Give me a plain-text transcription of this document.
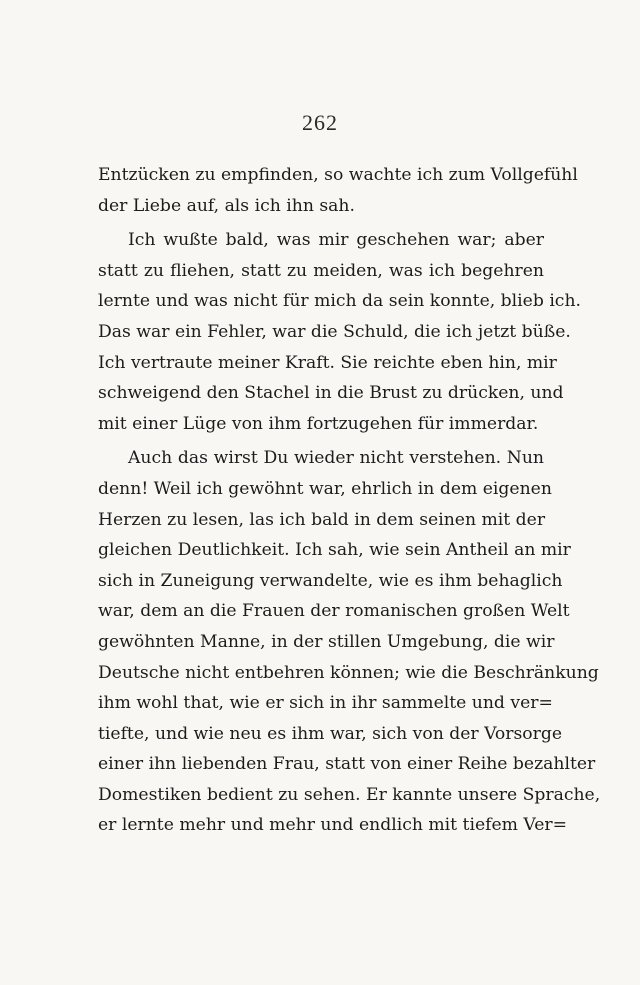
262
Entzücken zu empfinden, so wachte ich zum Vollgefühl
der Liebe auf, als ich ihn sah.
Ich wußte bald, was mir geschehen war; aber
statt zu fliehen, statt zu meiden, was ich begehren
lernte und was nicht für mich da sein konnte, blieb ich.
Das war ein Fehler, war die Schuld, die ich jetzt büße.
Ich vertraute meiner Kraft. Sie reichte eben hin, mir
schweigend den Stachel in die Brust zu drücken, und
mit einer Lüge von ihm fortzugehen für immerdar.
Auch das wirst Du wieder nicht verstehen. Nun
denn! Weil ich gewöhnt war, ehrlich in dem eigenen
Herzen zu lesen, las ich bald in dem seinen mit der
gleichen Deutlichkeit. Ich sah, wie sein Antheil an mir
sich in Zuneigung verwandelte, wie es ihm behaglich
war, dem an die Frauen der romanischen großen Welt
gewöhnten Manne, in der stillen Umgebung, die wir
Deutsche nicht entbehren können; wie die Beschränkung
ihm wohl that, wie er sich in ihr sammelte und ver=
tiefte, und wie neu es ihm war, sich von der Vorsorge
einer ihn liebenden Frau, statt von einer Reihe bezahlter
Domestiken bedient zu sehen. Er kannte unsere Sprache,
er lernte mehr und mehr und endlich mit tiefem Ver=
